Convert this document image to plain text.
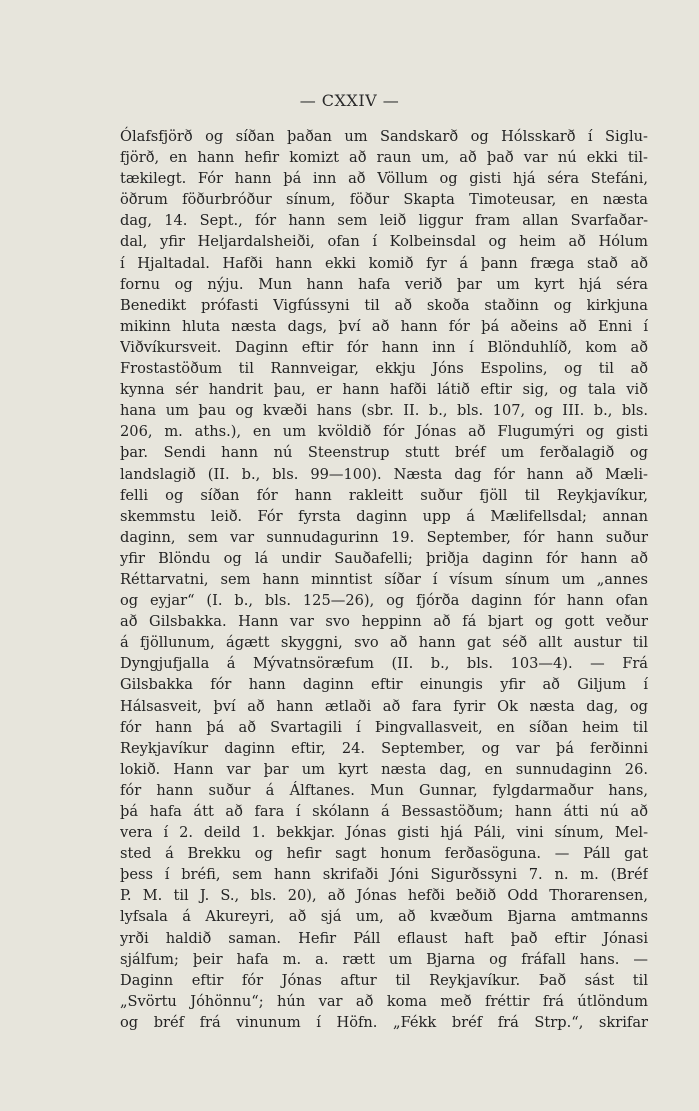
— CXXIV —
Ólafsfjörð og síðan þaðan um Sandskarð og Hólsskarð í Siglu-
fjörð, en hann hefir komizt að raun um, að það var nú ekki til-
tækilegt. Fór hann þá inn að Völlum og gisti hjá séra Stefáni,
öðrum föðurbróður sínum, föður Skapta Timoteusar, en næsta
dag, 14. Sept., fór hann sem leið liggur fram allan Svarfaðar-
dal, yfir Heljardalsheiði, ofan í Kolbeinsdal og heim að Hólum
í Hjaltadal. Hafði hann ekki komið fyr á þann fræga stað að
fornu og nýju. Mun hann hafa verið þar um kyrt hjá séra
Benedikt prófasti Vigfússyni til að skoða staðinn og kirkjuna
mikinn hluta næsta dags, því að hann fór þá aðeins að Enni í
Viðvíkursveit. Daginn eftir fór hann inn í Blönduhlíð, kom að
Frostastöðum til Rannveigar, ekkju Jóns Espolins, og til að
kynna sér handrit þau, er hann hafði látið eftir sig, og tala við
hana um þau og kvæði hans (sbr. II. b., bls. 107, og III. b., bls.
206, m. aths.), en um kvöldið fór Jónas að Flugumýri og gisti
þar. Sendi hann nú Steenstrup stutt bréf um ferðalagið og
landslagið (II. b., bls. 99—100). Næsta dag fór hann að Mæli-
felli og síðan fór hann rakleitt suður fjöll til Reykjavíkur,
skemmstu leið. Fór fyrsta daginn upp á Mælifellsdal; annan
daginn, sem var sunnudagurinn 19. September, fór hann suður
yfir Blöndu og lá undir Sauðafelli; þriðja daginn fór hann að
Réttarvatni, sem hann minntist síðar í vísum sínum um „annes
og eyjar“ (I. b., bls. 125—26), og fjórða daginn fór hann ofan
að Gilsbakka. Hann var svo heppinn að fá bjart og gott veður
á fjöllunum, ágætt skyggni, svo að hann gat séð allt austur til
Dyngjufjalla á Mývatnsöræfum (II. b., bls. 103—4). — Frá
Gilsbakka fór hann daginn eftir einungis yfir að Giljum í
Hálsasveit, því að hann ætlaði að fara fyrir Ok næsta dag, og
fór hann þá að Svartagili í Þingvallasveit, en síðan heim til
Reykjavíkur daginn eftir, 24. September, og var þá ferðinni
lokið. Hann var þar um kyrt næsta dag, en sunnudaginn 26.
fór hann suður á Álftanes. Mun Gunnar, fylgdarmaður hans,
þá hafa átt að fara í skólann á Bessastöðum; hann átti nú að
vera í 2. deild 1. bekkjar. Jónas gisti hjá Páli, vini sínum, Mel-
sted á Brekku og hefir sagt honum ferðasöguna. — Páll gat
þess í bréfi, sem hann skrifaði Jóni Sigurðssyni 7. n. m. (Bréf
P. M. til J. S., bls. 20), að Jónas hefði beðið Odd Thorarensen,
lyfsala á Akureyri, að sjá um, að kvæðum Bjarna amtmanns
yrði haldið saman. Hefir Páll eflaust haft það eftir Jónasi
sjálfum; þeir hafa m. a. rætt um Bjarna og fráfall hans. —
Daginn eftir fór Jónas aftur til Reykjavíkur. Það sást til
„Svörtu Jóhönnu“; hún var að koma með fréttir frá útlöndum
og bréf frá vinunum í Höfn. „Fékk bréf frá Strp.“, skrifar
